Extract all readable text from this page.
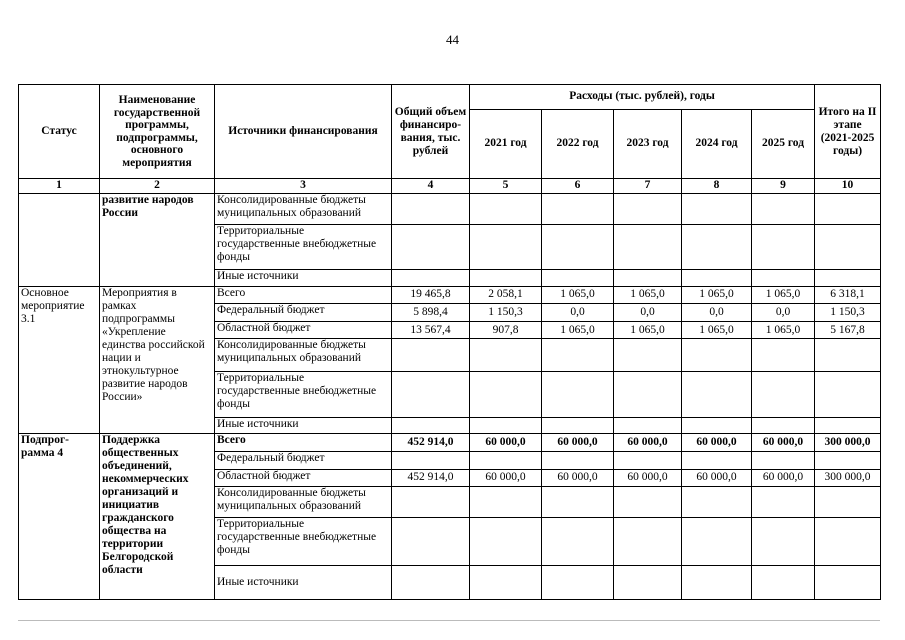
44
Статус	Наименование государственной программы, подпрограммы, основного мероприятия	Источники финансирования	Общий объем финансиро-вания, тыс. рублей	Расходы (тыс. рублей), годы					Итого на II этапе (2021-2025 годы)
				2021 год	2022 год	2023 год	2024 год	2025 год	
1	2	3	4	5	6	7	8	9	10
	развитие народов России	Консолидированные бюджеты муниципальных образований							
		Территориальные государственные внебюджетные фонды							
		Иные источники							
Основное мероприятие 3.1	Мероприятия в рамках подпрограммы «Укрепление единства российской нации и этнокультурное развитие народов России»	Всего	19 465,8	2 058,1	1 065,0	1 065,0	1 065,0	1 065,0	6 318,1
		Федеральный бюджет	5 898,4	1 150,3	0,0	0,0	0,0	0,0	1 150,3
		Областной бюджет	13 567,4	907,8	1 065,0	1 065,0	1 065,0	1 065,0	5 167,8
		Консолидированные бюджеты муниципальных образований							
		Территориальные государственные внебюджетные фонды							
		Иные источники							
Подпрог-рамма 4	Поддержка общественных объединений, некоммерческих организаций и инициатив гражданского общества на территории Белгородской области	Всего	452 914,0	60 000,0	60 000,0	60 000,0	60 000,0	60 000,0	300 000,0
		Федеральный бюджет							
		Областной бюджет	452 914,0	60 000,0	60 000,0	60 000,0	60 000,0	60 000,0	300 000,0
		Консолидированные бюджеты муниципальных образований							
		Территориальные государственные внебюджетные фонды							
		Иные источники							
